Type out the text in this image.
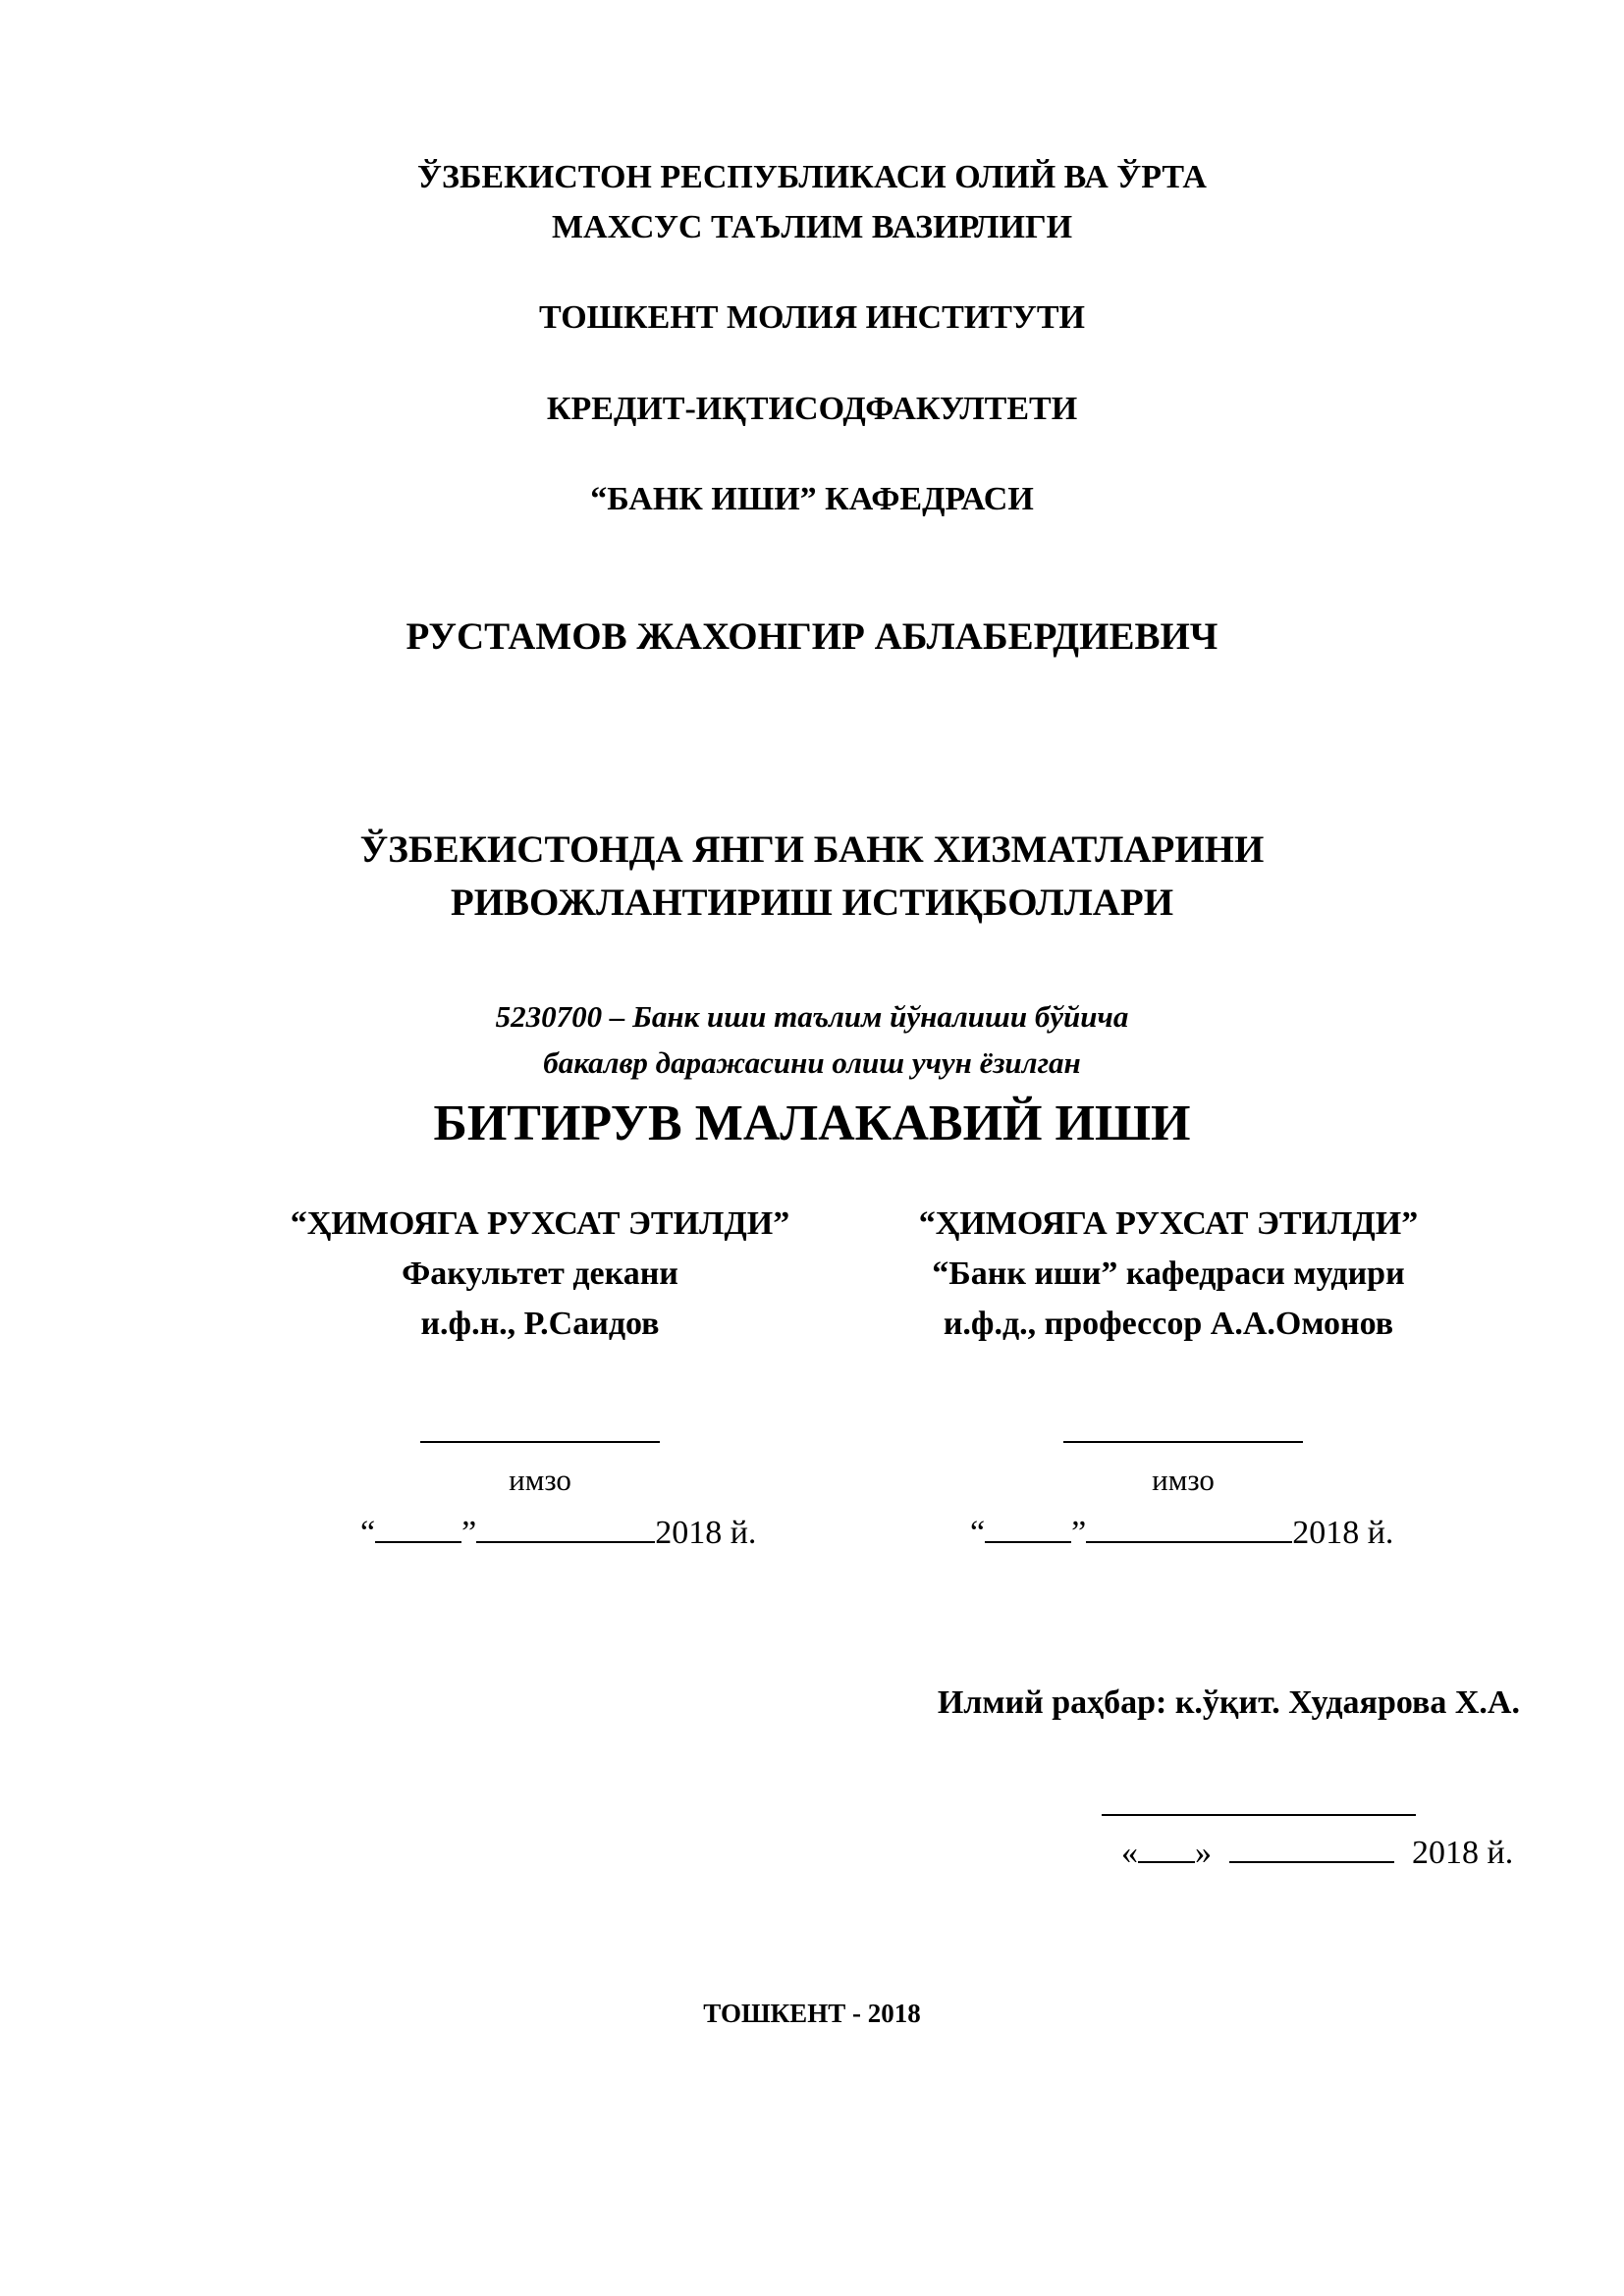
ЎЗБЕКИСТОН РЕСПУБЛИКАСИ ОЛИЙ ВА ЎРТА
МАХСУС ТАЪЛИМ ВАЗИРЛИГИ
ТОШКЕНТ МОЛИЯ ИНСТИТУТИ
КРЕДИТ-ИҚТИСОДФАКУЛТЕТИ
“БАНК ИШИ” КАФЕДРАСИ
РУСТАМОВ ЖАХОНГИР АБЛАБЕРДИЕВИЧ
ЎЗБЕКИСТОНДА ЯНГИ БАНК ХИЗМАТЛАРИНИ
РИВОЖЛАНТИРИШ ИСТИҚБОЛЛАРИ
5230700 – Банк иши таълим йўналиши бўйича
бакалвр даражасини олиш учун ёзилган
БИТИРУВ МАЛАКАВИЙ ИШИ
“ҲИМОЯГА РУХСАТ ЭТИЛДИ”
Факультет декани
и.ф.н., Р.Саидов
“ҲИМОЯГА РУХСАТ ЭТИЛДИ”
“Банк иши” кафедраси мудири
и.ф.д., профессор А.А.Омонов
имзо	имзо
“	”	2018 й.	“	”	2018 й.
Илмий раҳбар: к.ўқит. Худаярова Х.А.
« »	2018 й.
ТОШКЕНТ - 2018
